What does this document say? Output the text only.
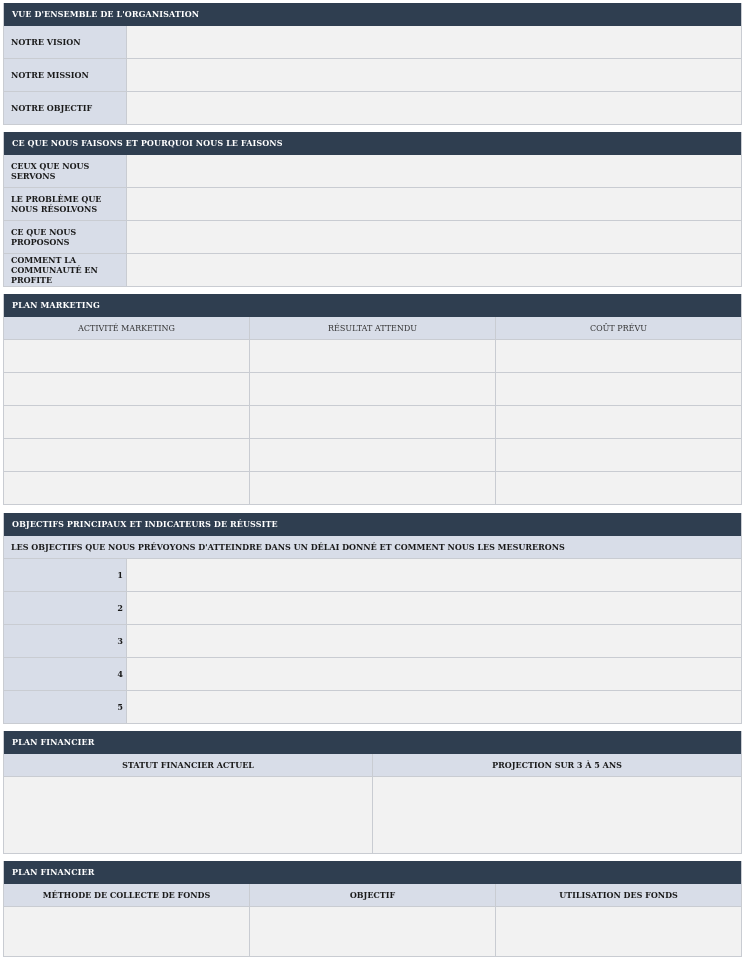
VUE D'ENSEMBLE DE L'ORGANISATION
NOTRE VISION
NOTRE MISSION
NOTRE OBJECTIF
CE QUE NOUS FAISONS ET POURQUOI NOUS LE FAISONS
CEUX QUE NOUS SERVONS
LE PROBLÈME QUE NOUS RÉSOLVONS
CE QUE NOUS PROPOSONS
COMMENT LA COMMUNAUTÉ EN PROFITE
PLAN MARKETING
ACTIVITÉ MARKETING	RÉSULTAT ATTENDU	COÛT PRÉVU
OBJECTIFS PRINCIPAUX ET INDICATEURS DE RÉUSSITE
LES OBJECTIFS QUE NOUS PRÉVOYONS D'ATTEINDRE DANS UN DÉLAI DONNÉ ET COMMENT NOUS LES MESURERONS
1
2
3
4
5
PLAN FINANCIER
STATUT FINANCIER ACTUEL	PROJECTION SUR 3 À 5 ANS
PLAN FINANCIER
MÉTHODE DE COLLECTE DE FONDS	OBJECTIF	UTILISATION DES FONDS
